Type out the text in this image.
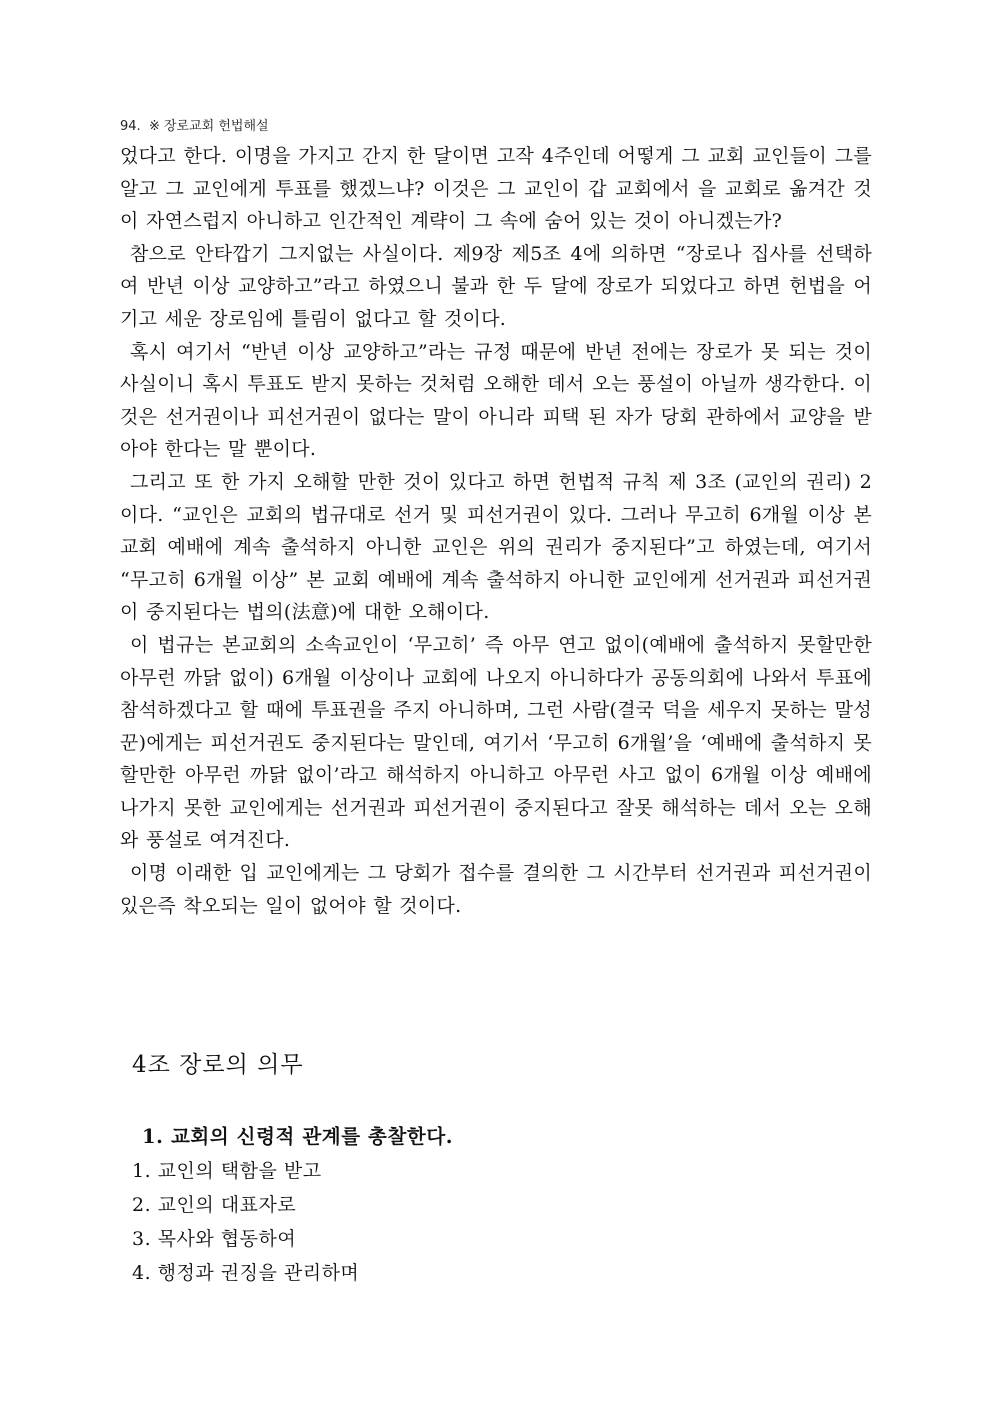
94. ※ 장로교회 헌법해설

었다고 한다. 이명을 가지고 간지 한 달이면 고작 4주인데 어떻게 그 교회 교인들이 그를 알고 그 교인에게 투표를 했겠느냐? 이것은 그 교인이 갑 교회에서 을 교회로 옮겨간 것이 자연스럽지 아니하고 인간적인 계략이 그 속에 숨어 있는 것이 아니겠는가?

참으로 안타깝기 그지없는 사실이다. 제9장 제5조 4에 의하면 “장로나 집사를 선택하여 반년 이상 교양하고”라고 하였으니 불과 한 두 달에 장로가 되었다고 하면 헌법을 어기고 세운 장로임에 틀림이 없다고 할 것이다.

혹시 여기서 “반년 이상 교양하고”라는 규정 때문에 반년 전에는 장로가 못 되는 것이 사실이니 혹시 투표도 받지 못하는 것처럼 오해한 데서 오는 풍설이 아닐까 생각한다. 이것은 선거권이나 피선거권이 없다는 말이 아니라 피택 된 자가 당회 관하에서 교양을 받아야 한다는 말 뿐이다.

그리고 또 한 가지 오해할 만한 것이 있다고 하면 헌법적 규칙 제 3조 (교인의 권리) 2이다. “교인은 교회의 법규대로 선거 및 피선거권이 있다. 그러나 무고히 6개월 이상 본 교회 예배에 계속 출석하지 아니한 교인은 위의 권리가 중지된다”고 하였는데, 여기서 “무고히 6개월 이상” 본 교회 예배에 계속 출석하지 아니한 교인에게 선거권과 피선거권이 중지된다는 법의(法意)에 대한 오해이다.

이 법규는 본교회의 소속교인이 ‘무고히’ 즉 아무 연고 없이(예배에 출석하지 못할만한 아무런 까닭 없이) 6개월 이상이나 교회에 나오지 아니하다가 공동의회에 나와서 투표에 참석하겠다고 할 때에 투표권을 주지 아니하며, 그런 사람(결국 덕을 세우지 못하는 말성꾼)에게는 피선거권도 중지된다는 말인데, 여기서 ‘무고히 6개월’을 ‘예배에 출석하지 못할만한 아무런 까닭 없이’라고 해석하지 아니하고 아무런 사고 없이 6개월 이상 예배에 나가지 못한 교인에게는 선거권과 피선거권이 중지된다고 잘못 해석하는 데서 오는 오해와 풍설로 여겨진다.

이명 이래한 입 교인에게는 그 당회가 접수를 결의한 그 시간부터 선거권과 피선거권이 있은즉 착오되는 일이 없어야 할 것이다.

4조 장로의 의무
1. 교회의 신령적 관계를 총찰한다.
1. 교인의 택함을 받고
2. 교인의 대표자로
3. 목사와 협동하여
4. 행정과 권징을 관리하며
